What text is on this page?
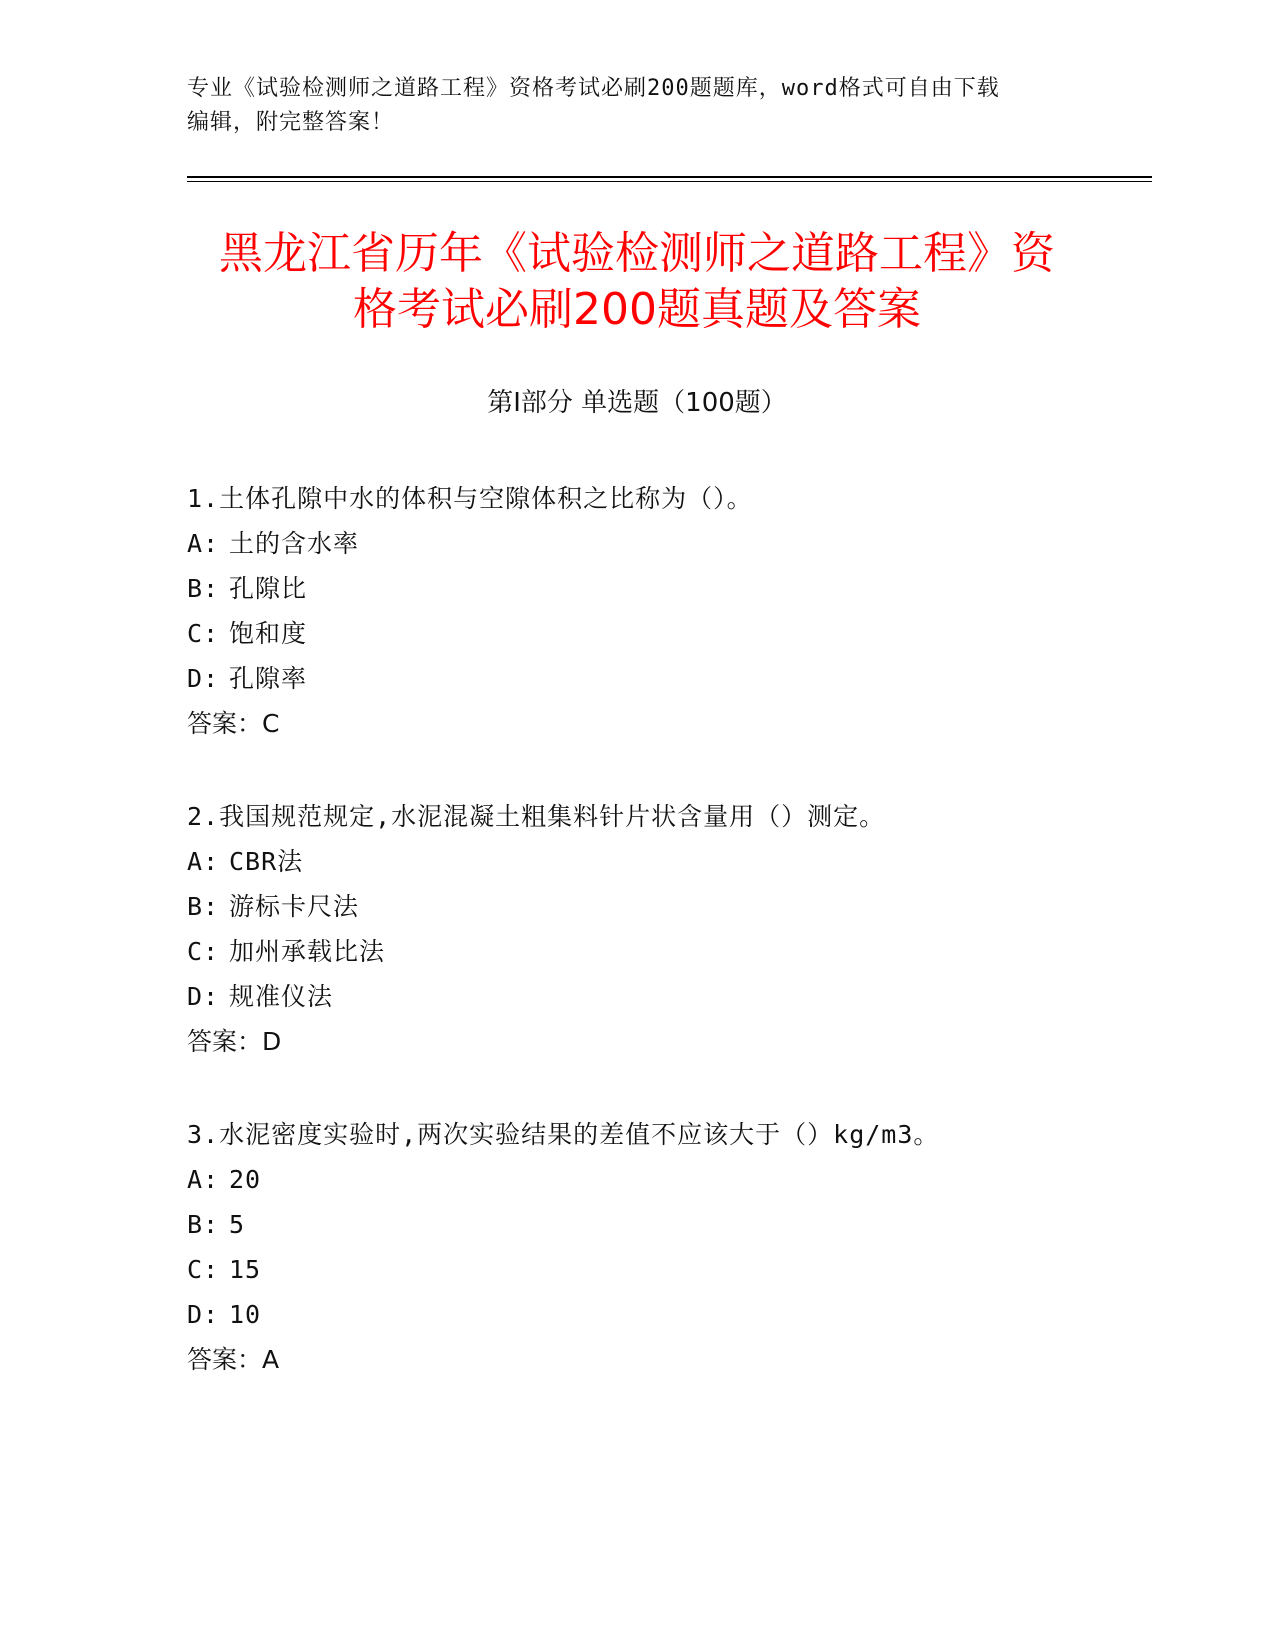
专业《试验检测师之道路工程》资格考试必刷200题题库，word格式可自由下载
编辑，附完整答案！
黑龙江省历年《试验检测师之道路工程》资
格考试必刷200题真题及答案
第Ⅰ部分 单选题（100题）
1.土体孔隙中水的体积与空隙体积之比称为（）。
A: 土的含水率
B: 孔隙比
C: 饱和度
D: 孔隙率
答案：C
2.我国规范规定,水泥混凝土粗集料针片状含量用（）测定。
A: CBR法
B: 游标卡尺法
C: 加州承载比法
D: 规准仪法
答案：D
3.水泥密度实验时,两次实验结果的差值不应该大于（）kg/m3。
A: 20
B: 5
C: 15
D: 10
答案：A
